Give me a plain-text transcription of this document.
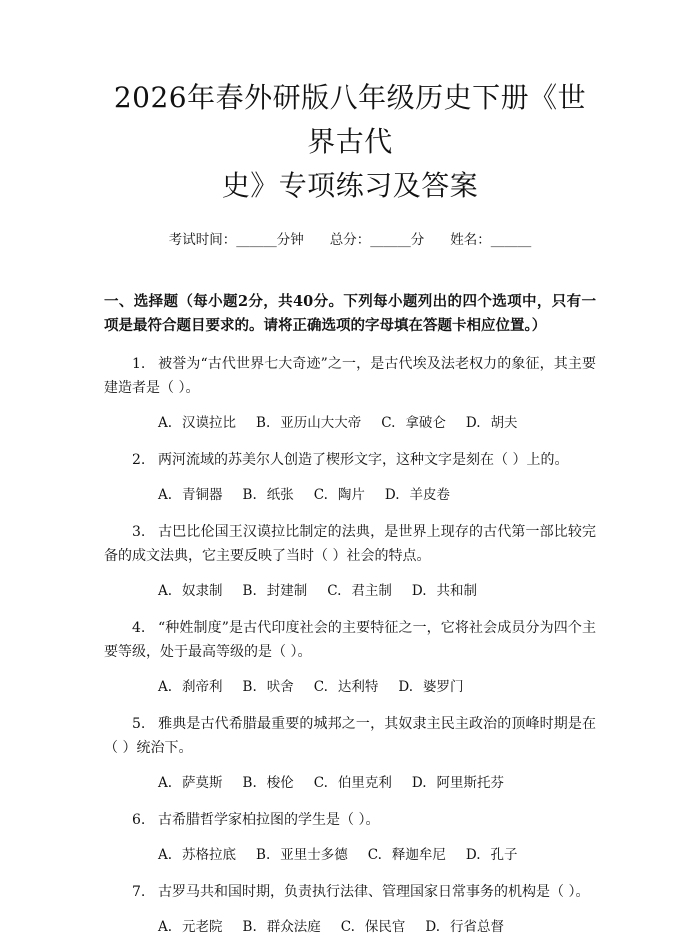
2026年春外研版八年级历史下册《世界古代
史》专项练习及答案
考试时间：______分钟 总分：______分 姓名：______
一、选择题（每小题2分，共40分。下列每小题列出的四个选项中，只有一项是最符合题目要求的。请将正确选项的字母填在答题卡相应位置。）
1. 被誉为“古代世界七大奇迹”之一，是古代埃及法老权力的象征，其主要建造者是（ ）。
A. 汉谟拉比 B. 亚历山大大帝 C. 拿破仑 D. 胡夫
2. 两河流域的苏美尔人创造了楔形文字，这种文字是刻在（ ）上的。
A. 青铜器 B. 纸张 C. 陶片 D. 羊皮卷
3. 古巴比伦国王汉谟拉比制定的法典，是世界上现存的古代第一部比较完备的成文法典，它主要反映了当时（ ）社会的特点。
A. 奴隶制 B. 封建制 C. 君主制 D. 共和制
4. “种姓制度”是古代印度社会的主要特征之一，它将社会成员分为四个主要等级，处于最高等级的是（ ）。
A. 刹帝利 B. 吠舍 C. 达利特 D. 婆罗门
5. 雅典是古代希腊最重要的城邦之一，其奴隶主民主政治的顶峰时期是在（ ）统治下。
A. 萨莫斯 B. 梭伦 C. 伯里克利 D. 阿里斯托芬
6. 古希腊哲学家柏拉图的学生是（ ）。
A. 苏格拉底 B. 亚里士多德 C. 释迦牟尼 D. 孔子
7. 古罗马共和国时期，负责执行法律、管理国家日常事务的机构是（ ）。
A. 元老院 B. 群众法庭 C. 保民官 D. 行省总督
